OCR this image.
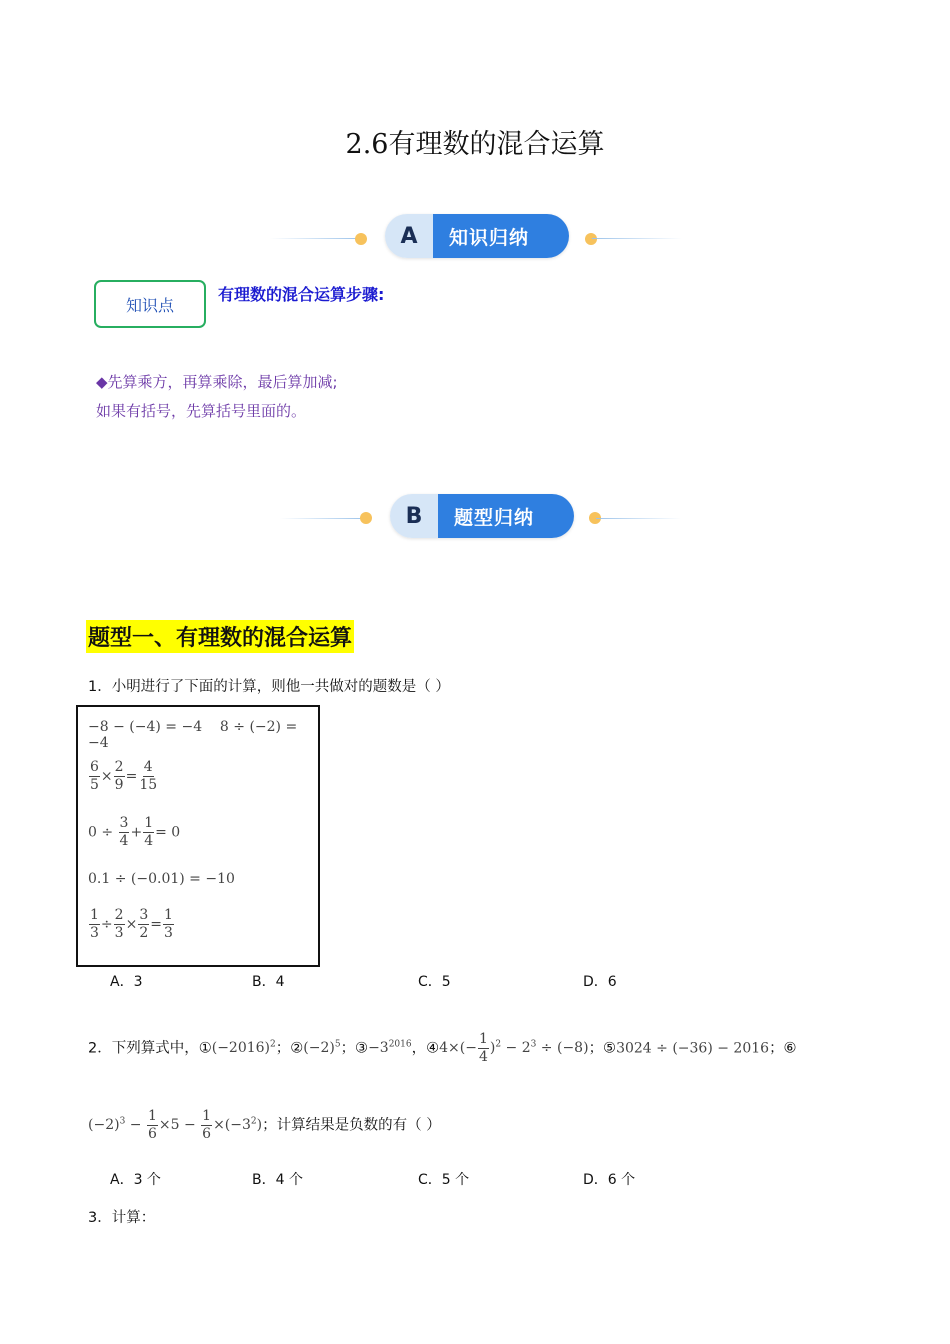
2.6有理数的混合运算
A	知识归纳
知识点
有理数的混合运算步骤:
◆先算乘方，再算乘除，最后算加减;
如果有括号，先算括号里面的。
B	题型归纳
题型一、有理数的混合运算
1．小明进行了下面的计算，则他一共做对的题数是（ ）
−8 − (−4) = −4    8 ÷ (−2) = −4
$\frac{6}{5} \times \frac{2}{9} = \frac{4}{15}$
$0 \div \frac{3}{4} + \frac{1}{4} = 0$
0.1 ÷ (−0.01) = −10
$\frac{1}{3} \div \frac{2}{3} \times \frac{3}{2} = \frac{1}{3}$
A．3	B．4	C．5	D．6
2．下列算式中，$①(-2016)^2$；$②(-2)^5$；$③-3^{2016}$，④4×(− $\frac{1}{4} )^2 - 2^3 \div (-8)$；⑤3024 ÷ (−36) − 2016；⑥
$(-2)^3 - \frac{1}{6} \times 5 - \frac{1}{6} \times(-3^2)$；计算结果是负数的有（ ）
A．3 个	B．4 个	C．5 个	D．6 个
3．计算：
